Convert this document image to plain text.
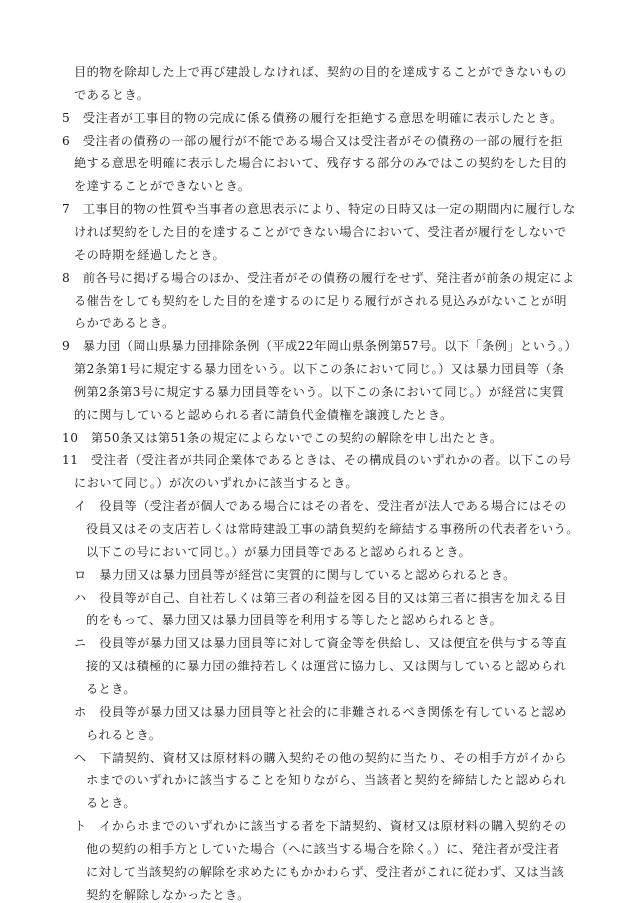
目的物を除却した上で再び建設しなければ、契約の目的を達成することができないもの
であるとき。
5　受注者が工事目的物の完成に係る債務の履行を拒絶する意思を明確に表示したとき。
6　受注者の債務の一部の履行が不能である場合又は受注者がその債務の一部の履行を拒
絶する意思を明確に表示した場合において、残存する部分のみではこの契約をした目的
を達することができないとき。
7　工事目的物の性質や当事者の意思表示により、特定の日時又は一定の期間内に履行しな
ければ契約をした目的を達することができない場合において、受注者が履行をしないで
その時期を経過したとき。
8　前各号に掲げる場合のほか、受注者がその債務の履行をせず、発注者が前条の規定によ
る催告をしても契約をした目的を達するのに足りる履行がされる見込みがないことが明
らかであるとき。
9　暴力団（岡山県暴力団排除条例（平成22年岡山県条例第57号。以下「条例」という。）
第2条第1号に規定する暴力団をいう。以下この条において同じ。）又は暴力団員等（条
例第2条第3号に規定する暴力団員等をいう。以下この条において同じ。）が経営に実質
的に関与していると認められる者に請負代金債権を譲渡したとき。
10　第50条又は第51条の規定によらないでこの契約の解除を申し出たとき。
11　受注者（受注者が共同企業体であるときは、その構成員のいずれかの者。以下この号
において同じ。）が次のいずれかに該当するとき。
イ　役員等（受注者が個人である場合にはその者を、受注者が法人である場合にはその
役員又はその支店若しくは常時建設工事の請負契約を締結する事務所の代表者をいう。
以下この号において同じ。）が暴力団員等であると認められるとき。
ロ　暴力団又は暴力団員等が経営に実質的に関与していると認められるとき。
ハ　役員等が自己、自社若しくは第三者の利益を図る目的又は第三者に損害を加える目
的をもって、暴力団又は暴力団員等を利用する等したと認められるとき。
ニ　役員等が暴力団又は暴力団員等に対して資金等を供給し、又は便宜を供与する等直
接的又は積極的に暴力団の維持若しくは運営に協力し、又は関与していると認められ
るとき。
ホ　役員等が暴力団又は暴力団員等と社会的に非難されるべき関係を有していると認め
られるとき。
ヘ　下請契約、資材又は原材料の購入契約その他の契約に当たり、その相手方がイから
ホまでのいずれかに該当することを知りながら、当該者と契約を締結したと認められ
るとき。
ト　イからホまでのいずれかに該当する者を下請契約、資材又は原材料の購入契約その
他の契約の相手方としていた場合（へに該当する場合を除く。）に、発注者が受注者
に対して当該契約の解除を求めたにもかかわらず、受注者がこれに従わず、又は当該
契約を解除しなかったとき。
